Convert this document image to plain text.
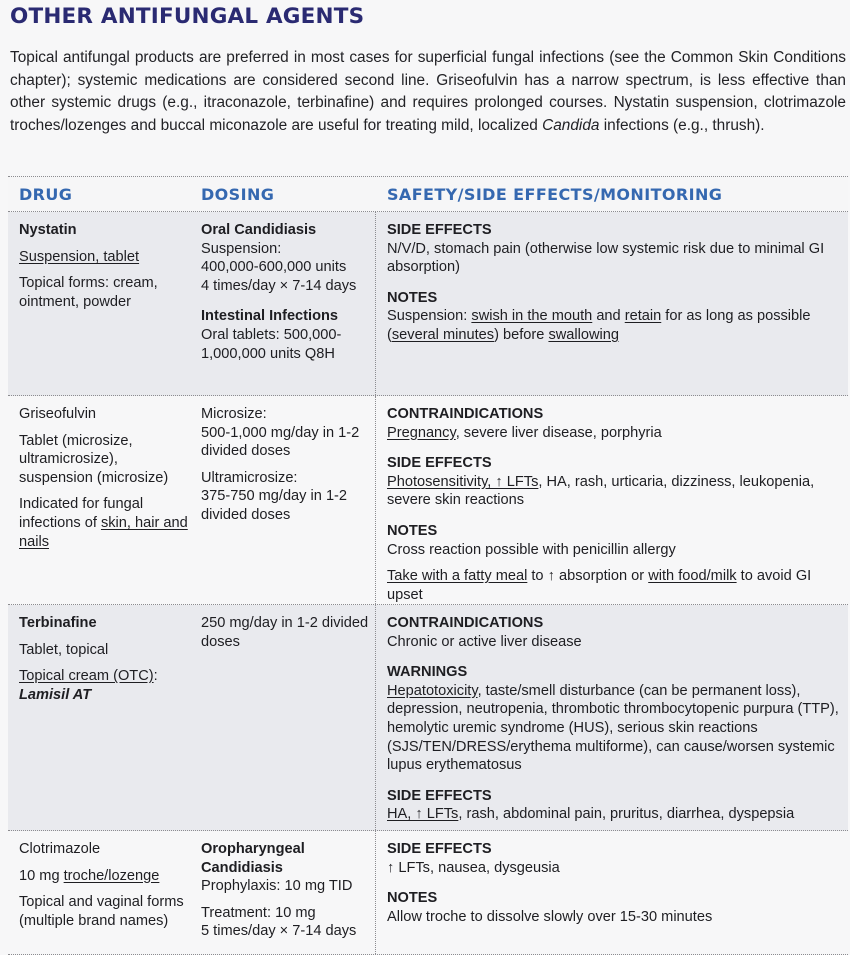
OTHER ANTIFUNGAL AGENTS

Topical antifungal products are preferred in most cases for superficial fungal infections (see the Common Skin Conditions chapter); systemic medications are considered second line. Griseofulvin has a narrow spectrum, is less effective than other systemic drugs (e.g., itraconazole, terbinafine) and requires prolonged courses. Nystatin suspension, clotrimazole troches/lozenges and buccal miconazole are useful for treating mild, localized Candida infections (e.g., thrush).

DRUG	DOSING	SAFETY/SIDE EFFECTS/MONITORING

Nystatin

Suspension, tablet

Topical forms: cream, ointment, powder

Oral Candidiasis

Suspension:

400,000-600,000 units

4 times/day × 7-14 days

Intestinal Infections

Oral tablets: 500,000-1,000,000 units Q8H

SIDE EFFECTS

N/V/D, stomach pain (otherwise low systemic risk due to minimal GI absorption)

NOTES

Suspension: swish in the mouth and retain for as long as possible (several minutes) before swallowing

Griseofulvin

Tablet (microsize, ultramicrosize), suspension (microsize)

Indicated for fungal infections of skin, hair and nails

Microsize:

500-1,000 mg/day in 1-2 divided doses

Ultramicrosize:

375-750 mg/day in 1-2 divided doses

CONTRAINDICATIONS

Pregnancy, severe liver disease, porphyria

SIDE EFFECTS

Photosensitivity, ↑ LFTs, HA, rash, urticaria, dizziness, leukopenia, severe skin reactions

NOTES

Cross reaction possible with penicillin allergy

Take with a fatty meal to ↑ absorption or with food/milk to avoid GI upset

Terbinafine

Tablet, topical

Topical cream (OTC):

Lamisil AT

250 mg/day in 1-2 divided doses

CONTRAINDICATIONS

Chronic or active liver disease

WARNINGS

Hepatotoxicity, taste/smell disturbance (can be permanent loss), depression, neutropenia, thrombotic thrombocytopenic purpura (TTP), hemolytic uremic syndrome (HUS), serious skin reactions (SJS/TEN/DRESS/erythema multiforme), can cause/worsen systemic lupus erythematosus

SIDE EFFECTS

HA, ↑ LFTs, rash, abdominal pain, pruritus, diarrhea, dyspepsia

Clotrimazole

10 mg troche/lozenge

Topical and vaginal forms (multiple brand names)

Oropharyngeal Candidiasis

Prophylaxis: 10 mg TID

Treatment: 10 mg

5 times/day × 7-14 days

SIDE EFFECTS

↑ LFTs, nausea, dysgeusia

NOTES

Allow troche to dissolve slowly over 15-30 minutes
